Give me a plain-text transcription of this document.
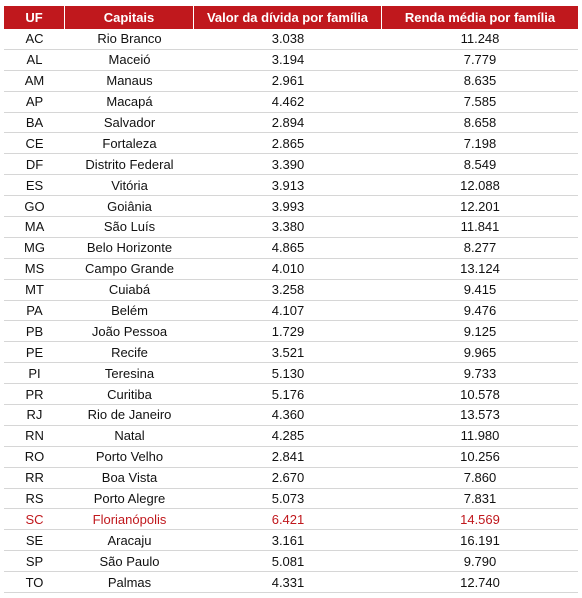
UF	Capitais	Valor da dívida por família	Renda média por família
AC	Rio Branco	3.038	11.248
AL	Maceió	3.194	7.779
AM	Manaus	2.961	8.635
AP	Macapá	4.462	7.585
BA	Salvador	2.894	8.658
CE	Fortaleza	2.865	7.198
DF	Distrito Federal	3.390	8.549
ES	Vitória	3.913	12.088
GO	Goiânia	3.993	12.201
MA	São Luís	3.380	11.841
MG	Belo Horizonte	4.865	8.277
MS	Campo Grande	4.010	13.124
MT	Cuiabá	3.258	9.415
PA	Belém	4.107	9.476
PB	João Pessoa	1.729	9.125
PE	Recife	3.521	9.965
PI	Teresina	5.130	9.733
PR	Curitiba	5.176	10.578
RJ	Rio de Janeiro	4.360	13.573
RN	Natal	4.285	11.980
RO	Porto Velho	2.841	10.256
RR	Boa Vista	2.670	7.860
RS	Porto Alegre	5.073	7.831
SC	Florianópolis	6.421	14.569
SE	Aracaju	3.161	16.191
SP	São Paulo	5.081	9.790
TO	Palmas	4.331	12.740
